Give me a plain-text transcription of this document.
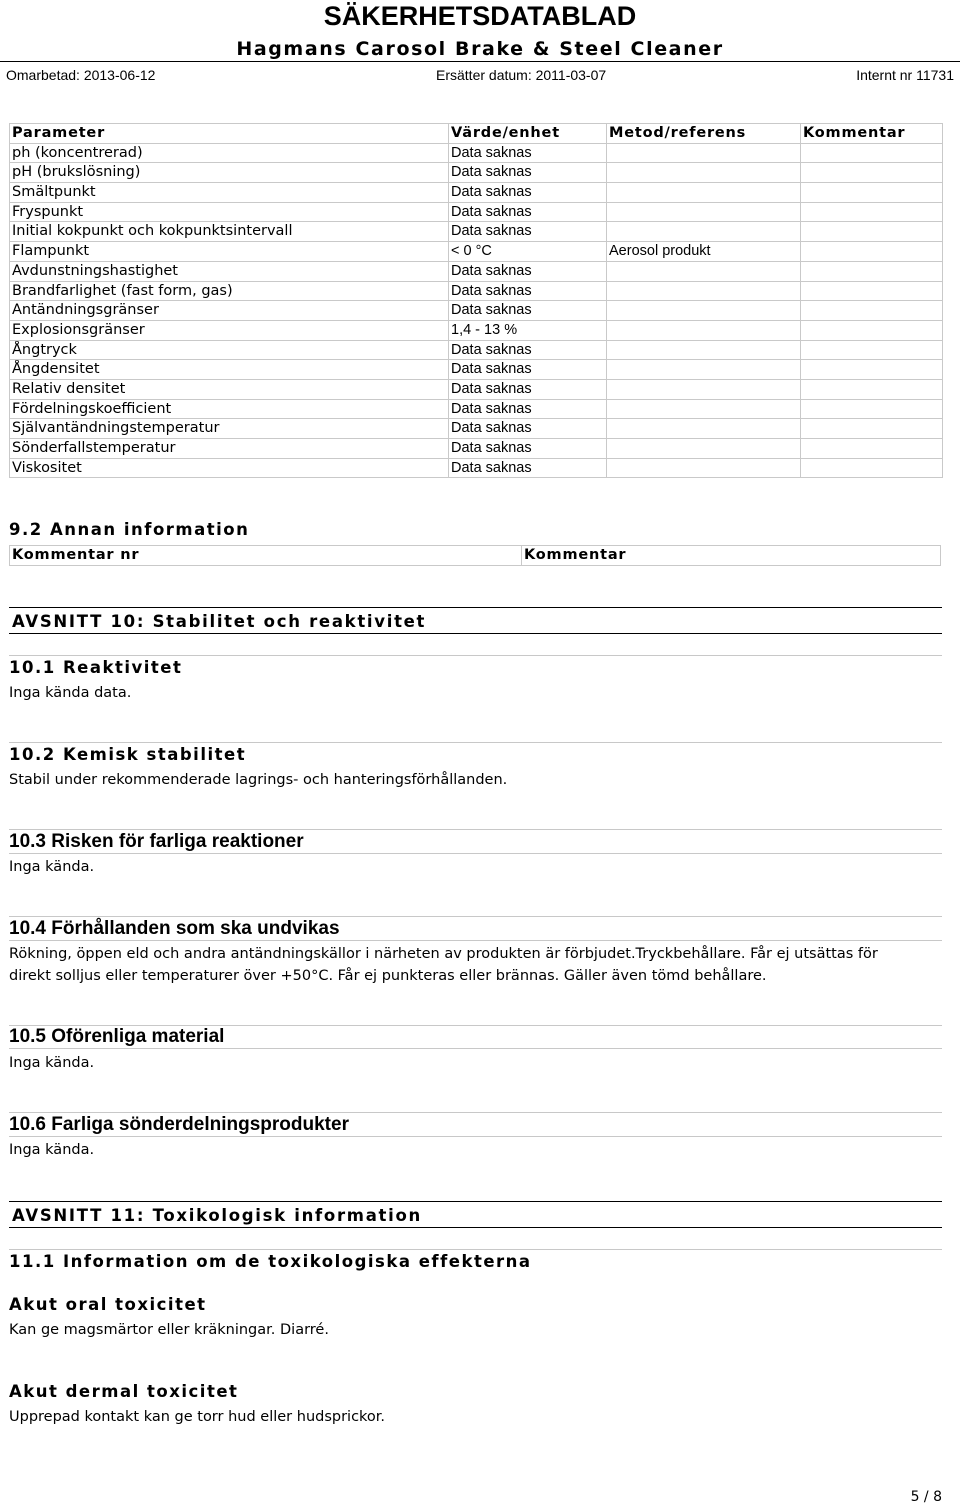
SÄKERHETSDATABLAD
Hagmans Carosol Brake & Steel Cleaner
Omarbetad: 2013-06-12	Ersätter datum: 2011-03-07	Internt nr 11731
Parameter	Värde/enhet	Metod/referens	Kommentar
ph (koncentrerad)	Data saknas		
pH (brukslösning)	Data saknas		
Smältpunkt	Data saknas		
Fryspunkt	Data saknas		
Initial kokpunkt och kokpunktsintervall	Data saknas		
Flampunkt	< 0 °C	Aerosol produkt	
Avdunstningshastighet	Data saknas		
Brandfarlighet (fast form, gas)	Data saknas		
Antändningsgränser	Data saknas		
Explosionsgränser	1,4 - 13 %		
Ångtryck	Data saknas		
Ångdensitet	Data saknas		
Relativ densitet	Data saknas		
Fördelningskoefficient	Data saknas		
Självantändningstemperatur	Data saknas		
Sönderfallstemperatur	Data saknas		
Viskositet	Data saknas		
9.2 Annan information
Kommentar nr	Kommentar
AVSNITT 10: Stabilitet och reaktivitet
10.1 Reaktivitet
Inga kända data.
10.2 Kemisk stabilitet
Stabil under rekommenderade lagrings- och hanteringsförhållanden.
10.3 Risken för farliga reaktioner
Inga kända.
10.4 Förhållanden som ska undvikas
Rökning, öppen eld och andra antändningskällor i närheten av produkten är förbjudet.Tryckbehållare. Får ej utsättas för
direkt solljus eller temperaturer över +50°C. Får ej punkteras eller brännas. Gäller även tömd behållare.
10.5 Oförenliga material
Inga kända.
10.6 Farliga sönderdelningsprodukter
Inga kända.
AVSNITT 11: Toxikologisk information
11.1 Information om de toxikologiska effekterna
Akut oral toxicitet
Kan ge magsmärtor eller kräkningar. Diarré.
Akut dermal toxicitet
Upprepad kontakt kan ge torr hud eller hudsprickor.
5 / 8
